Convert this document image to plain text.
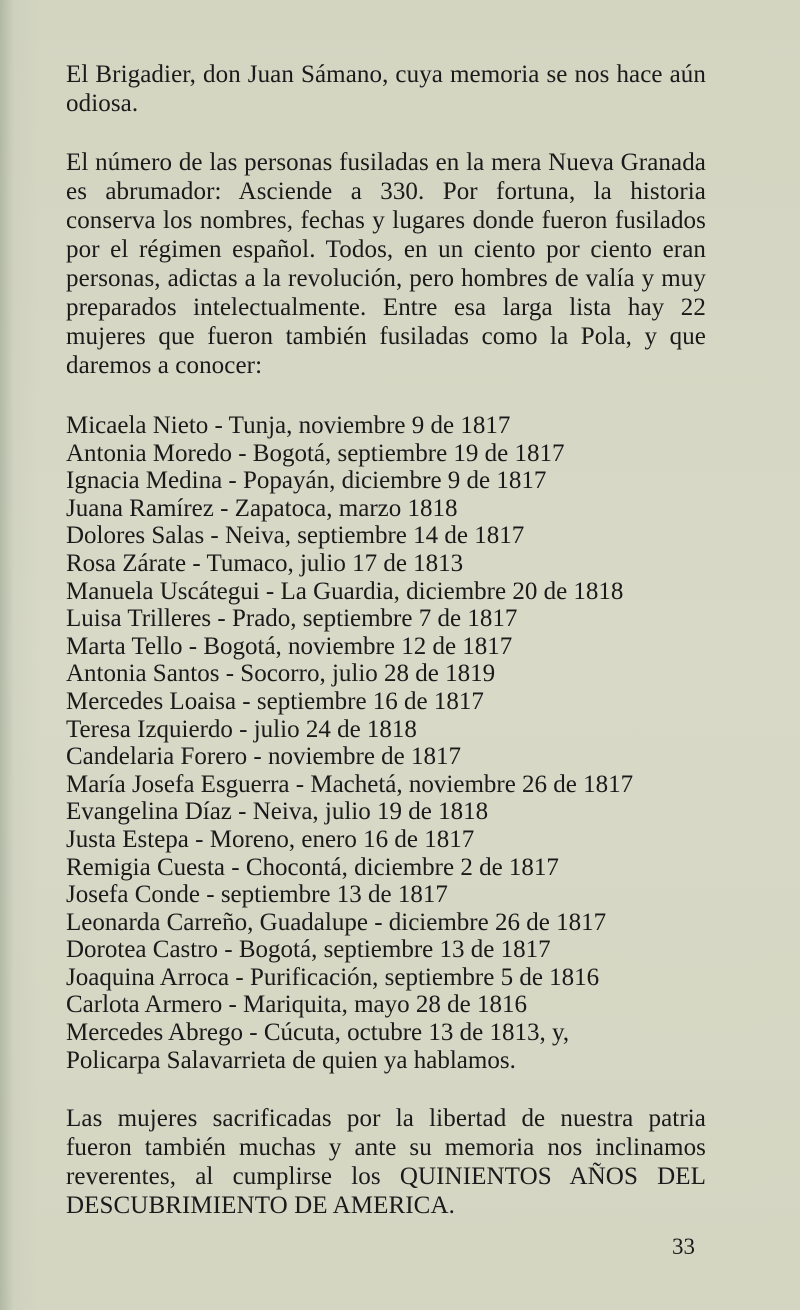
El Brigadier, don Juan Sámano, cuya memoria se nos hace aún odiosa.

El número de las personas fusiladas en la mera Nueva Granada es abrumador: Asciende a 330. Por fortuna, la historia conserva los nombres, fechas y lugares donde fueron fusilados por el régimen español. Todos, en un ciento por ciento eran personas, adictas a la revolución, pero hombres de valía y muy preparados intelectualmente. Entre esa larga lista hay 22 mujeres que fueron también fusiladas como la Pola, y que daremos a conocer:

Micaela Nieto - Tunja, noviembre 9 de 1817
Antonia Moredo - Bogotá, septiembre 19 de 1817
Ignacia Medina - Popayán, diciembre 9 de 1817
Juana Ramírez - Zapatoca, marzo 1818
Dolores Salas - Neiva, septiembre 14 de 1817
Rosa Zárate - Tumaco, julio 17 de 1813
Manuela Uscátegui - La Guardia, diciembre 20 de 1818
Luisa Trilleres - Prado, septiembre 7 de 1817
Marta Tello - Bogotá, noviembre 12 de 1817
Antonia Santos - Socorro, julio 28 de 1819
Mercedes Loaisa - septiembre 16 de 1817
Teresa Izquierdo - julio 24 de 1818
Candelaria Forero - noviembre de 1817
María Josefa Esguerra - Machetá, noviembre 26 de 1817
Evangelina Díaz - Neiva, julio 19 de 1818
Justa Estepa - Moreno, enero 16 de 1817
Remigia Cuesta - Chocontá, diciembre 2 de 1817
Josefa Conde - septiembre 13 de 1817
Leonarda Carreño, Guadalupe - diciembre 26 de 1817
Dorotea Castro - Bogotá, septiembre 13 de 1817
Joaquina Arroca - Purificación, septiembre 5 de 1816
Carlota Armero - Mariquita, mayo 28 de 1816
Mercedes Abrego - Cúcuta, octubre 13 de 1813, y,
Policarpa Salavarrieta de quien ya hablamos.

Las mujeres sacrificadas por la libertad de nuestra patria fueron también muchas y ante su memoria nos inclinamos reverentes, al cumplirse los QUINIENTOS AÑOS DEL DESCUBRIMIENTO DE AMERICA.

33
